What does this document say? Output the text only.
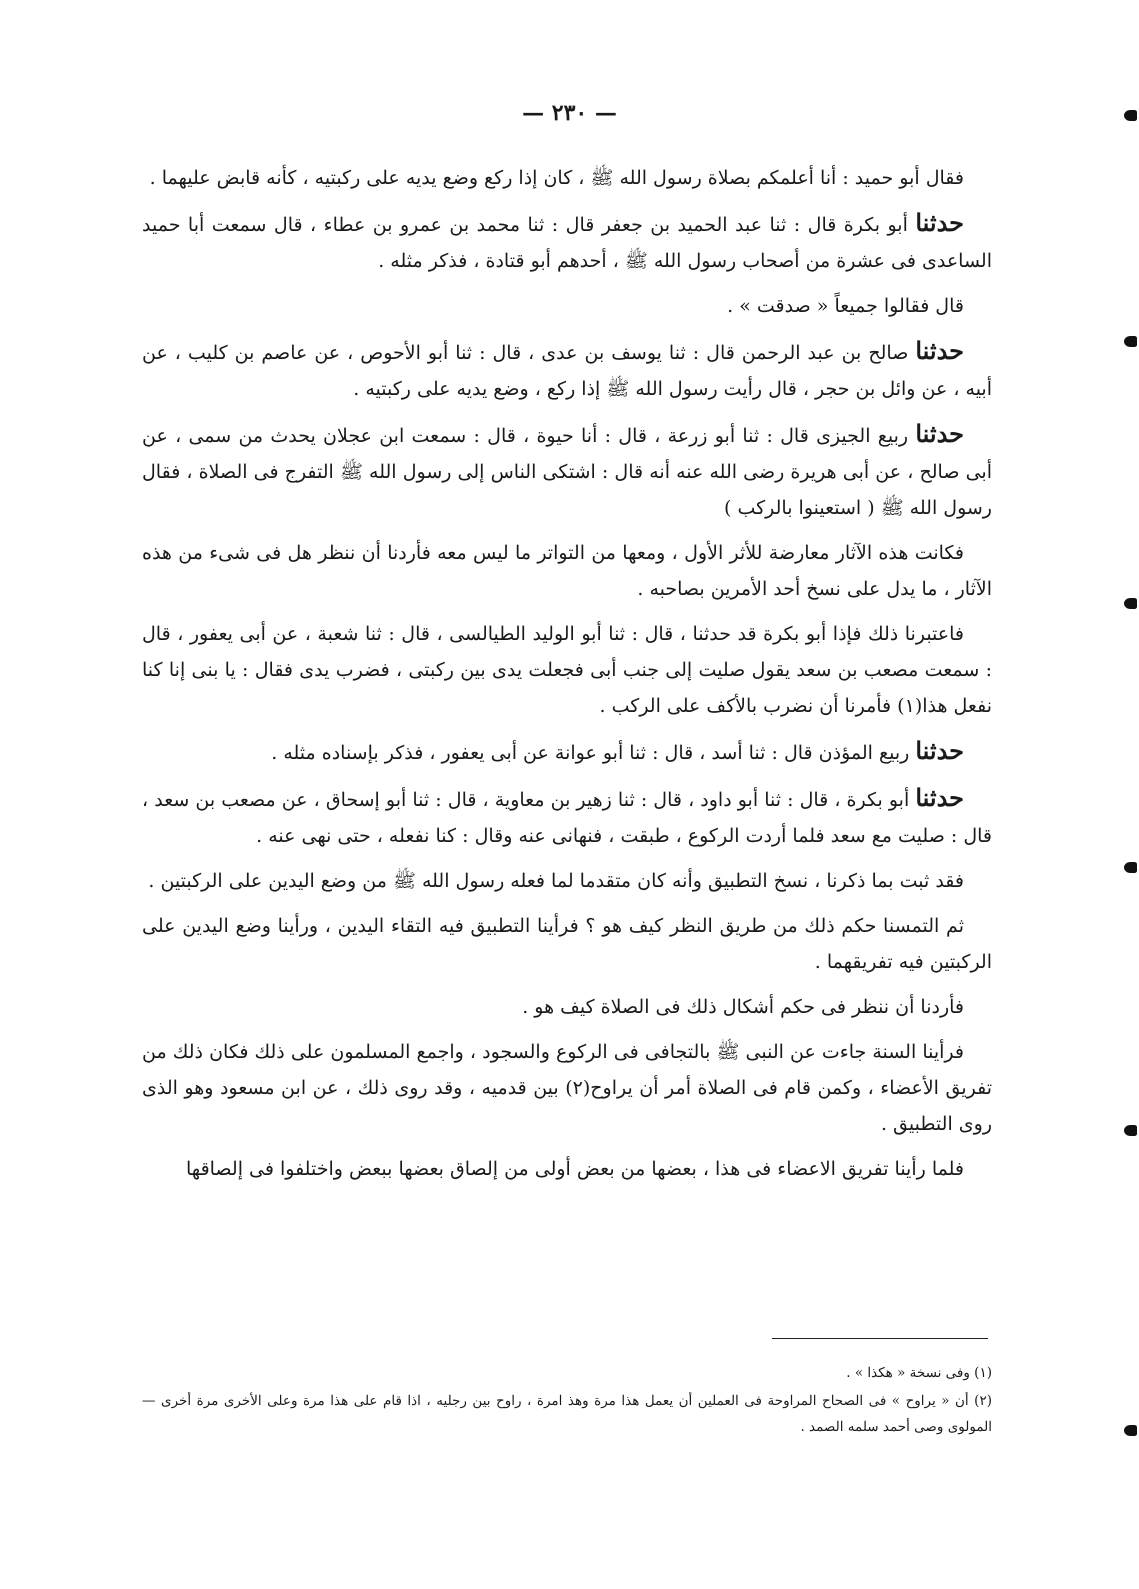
— ٢٣٠ —

فقال أبو حميد : أنا أعلمكم بصلاة رسول الله ﷺ ، كان إذا ركع وضع يديه على ركبتيه ، كأنه قابض عليهما .

حدثنا أبو بكرة قال : ثنا عبد الحميد بن جعفر قال : ثنا محمد بن عمرو بن عطاء ، قال سمعت أبا حميد الساعدى فى عشرة من أصحاب رسول الله ﷺ ، أحدهم أبو قتادة ، فذكر مثله .

قال فقالوا جميعاً « صدقت » .

حدثنا صالح بن عبد الرحمن قال : ثنا يوسف بن عدى ، قال : ثنا أبو الأحوص ، عن عاصم بن كليب ، عن أبيه ، عن وائل بن حجر ، قال رأيت رسول الله ﷺ إذا ركع ، وضع يديه على ركبتيه .

حدثنا ربيع الجيزى قال : ثنا أبو زرعة ، قال : أنا حيوة ، قال : سمعت ابن عجلان يحدث من سمى ، عن أبى صالح ، عن أبى هريرة رضى الله عنه أنه قال : اشتكى الناس إلى رسول الله ﷺ التفرج فى الصلاة ، فقال رسول الله ﷺ ( استعينوا بالركب )

فكانت هذه الآثار معارضة للأثر الأول ، ومعها من التواتر ما ليس معه فأردنا أن ننظر هل فى شىء من هذه الآثار ، ما يدل على نسخ أحد الأمرين بصاحبه .

فاعتبرنا ذلك فإذا أبو بكرة قد حدثنا ، قال : ثنا أبو الوليد الطيالسى ، قال : ثنا شعبة ، عن أبى يعفور ، قال : سمعت مصعب بن سعد يقول صليت إلى جنب أبى فجعلت يدى بين ركبتى ، فضرب يدى فقال : يا بنى إنا كنا نفعل هذا(١) فأمرنا أن نضرب بالأكف على الركب .

حدثنا ربيع المؤذن قال : ثنا أسد ، قال : ثنا أبو عوانة عن أبى يعفور ، فذكر بإسناده مثله .

حدثنا أبو بكرة ، قال : ثنا أبو داود ، قال : ثنا زهير بن معاوية ، قال : ثنا أبو إسحاق ، عن مصعب بن سعد ، قال : صليت مع سعد فلما أردت الركوع ، طبقت ، فنهانى عنه وقال : كنا نفعله ، حتى نهى عنه .

فقد ثبت بما ذكرنا ، نسخ التطبيق وأنه كان متقدما لما فعله رسول الله ﷺ من وضع اليدين على الركبتين .

ثم التمسنا حكم ذلك من طريق النظر كيف هو ؟ فرأينا التطبيق فيه التقاء اليدين ، ورأينا وضع اليدين على الركبتين فيه تفريقهما .

فأردنا أن ننظر فى حكم أشكال ذلك فى الصلاة كيف هو .

فرأينا السنة جاءت عن النبى ﷺ بالتجافى فى الركوع والسجود ، واجمع المسلمون على ذلك فكان ذلك من تفريق الأعضاء ، وكمن قام فى الصلاة أمر أن يراوح(٢) بين قدميه ، وقد روى ذلك ، عن ابن مسعود وهو الذى روى التطبيق .

فلما رأينا تفريق الاعضاء فى هذا ، بعضها من بعض أولى من إلصاق بعضها ببعض واختلفوا فى إلصاقها

(١) وفى نسخة « هكذا » .

(٢) أن « يراوح » فى الصحاح المراوحة فى العملين أن يعمل هذا مرة وهذ امرة ، راوح بين رجليه ، اذا قام على هذا مرة وعلى الأخرى مرة أخرى — المولوى وصى أحمد سلمه الصمد .
